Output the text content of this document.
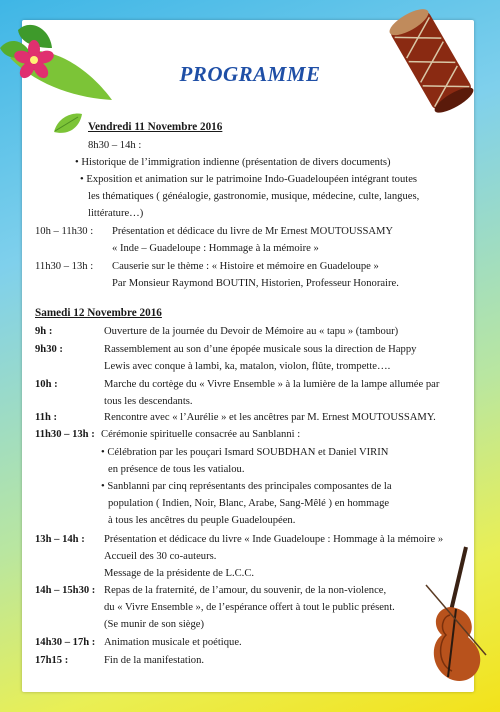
PROGRAMME
Vendredi 11 Novembre 2016
8h30 – 14h :
• Historique de l’immigration indienne (présentation de divers documents)
• Exposition et animation sur le patrimoine Indo-Guadeloupéen intégrant toutes
les thématiques ( généalogie, gastronomie, musique, médecine, culte, langues,
littérature…)
10h – 11h30 : Présentation et dédicace du livre de Mr Ernest MOUTOUSSAMY
« Inde – Guadeloupe : Hommage à la mémoire »
11h30 – 13h : Causerie sur le thème : « Histoire et mémoire en Guadeloupe »
Par Monsieur Raymond BOUTIN, Historien, Professeur Honoraire.
Samedi 12 Novembre 2016
9h :	Ouverture de la journée du Devoir de Mémoire au « tapu » (tambour)
9h30 :	Rassemblement au son d’une épopée musicale sous la direction de Happy
Lewis avec conque à lambi, ka, matalon, violon, flûte, trompette….
10h :	Marche du cortège du « Vivre Ensemble » à la lumière de la lampe allumée par
tous les descendants.
11h :	Rencontre avec « l’Aurélie » et les ancêtres par M. Ernest MOUTOUSSAMY.
11h30 – 13h : Cérémonie spirituelle consacrée au Sanblanni :
• Célébration par les pouçari Ismard SOUBDHAN et Daniel VIRIN
en présence de tous les vatialou.
• Sanblanni par cinq représentants des principales composantes de la
population ( Indien, Noir, Blanc, Arabe, Sang-Mêlé ) en hommage
à tous les ancêtres du peuple Guadeloupéen.
13h – 14h : Présentation et dédicace du livre « Inde Guadeloupe : Hommage à la mémoire »
Accueil des 30 co-auteurs.
Message de la présidente de L.C.C.
14h – 15h30 : Repas de la fraternité, de l’amour, du souvenir, de la non-violence,
du « Vivre Ensemble », de l’espérance offert à tout le public présent.
(Se munir de son siège)
14h30 – 17h : Animation musicale et poétique.
17h15 :	Fin de la manifestation.
